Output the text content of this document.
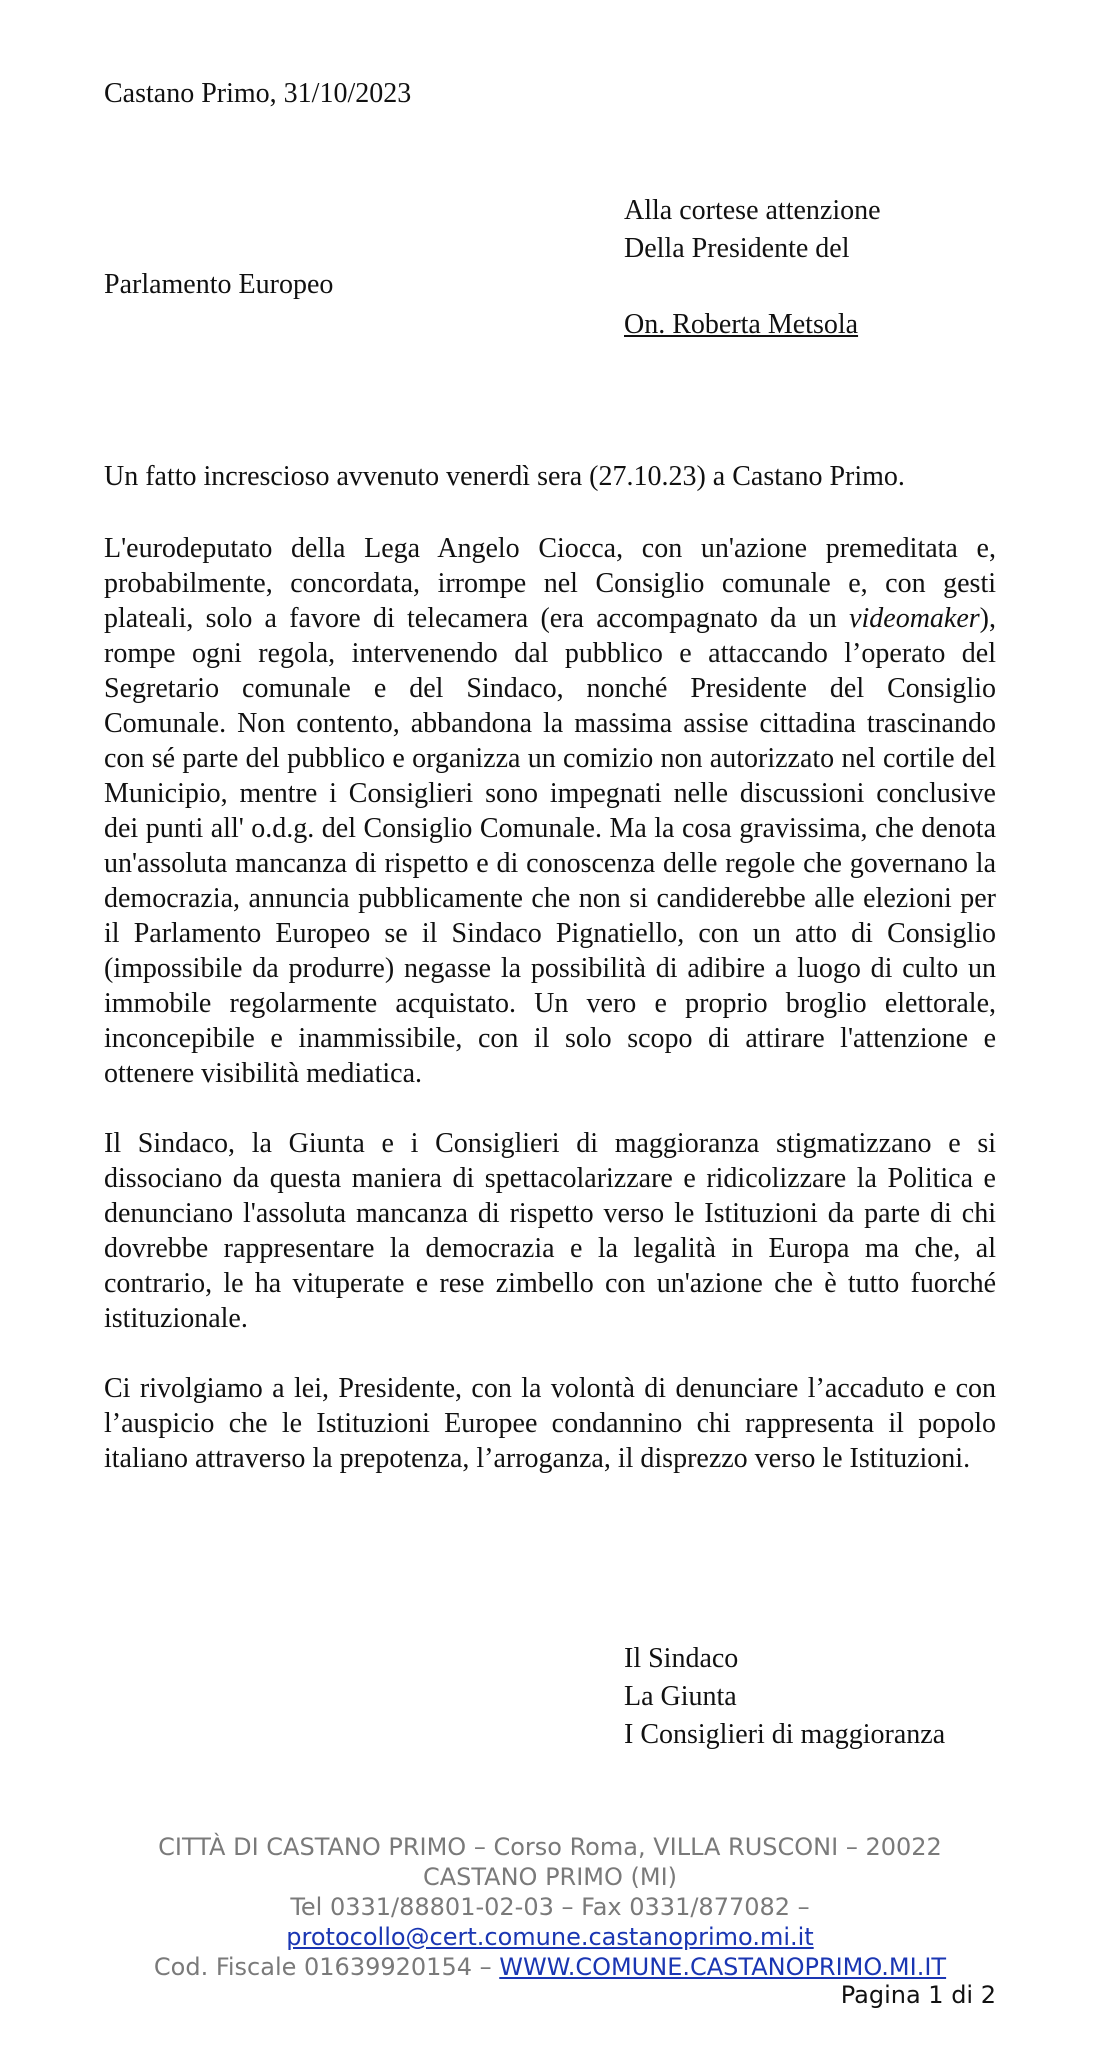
Castano Primo, 31/10/2023
Alla cortese attenzione
Della Presidente del
On. Roberta Metsola
Parlamento Europeo
Un fatto increscioso avvenuto venerdì sera (27.10.23) a Castano Primo.

L'eurodeputato della Lega Angelo Ciocca, con un'azione premeditata e, probabilmente, concordata, irrompe nel Consiglio comunale e, con gesti plateali, solo a favore di telecamera (era accompagnato da un videomaker), rompe ogni regola, intervenendo dal pubblico e attaccando l’operato del Segretario comunale e del Sindaco, nonché Presidente del Consiglio Comunale. Non contento, abbandona la massima assise cittadina trascinando con sé parte del pubblico e organizza un comizio non autorizzato nel cortile del Municipio, mentre i Consiglieri sono impegnati nelle discussioni conclusive dei punti all' o.d.g. del Consiglio Comunale. Ma la cosa gravissima, che denota un'assoluta mancanza di rispetto e di conoscenza delle regole che governano la democrazia, annuncia pubblicamente che non si candiderebbe alle elezioni per il Parlamento Europeo se il Sindaco Pignatiello, con un atto di Consiglio (impossibile da produrre) negasse la possibilità di adibire a luogo di culto un immobile regolarmente acquistato. Un vero e proprio broglio elettorale, inconcepibile e inammissibile, con il solo scopo di attirare l'attenzione e ottenere visibilità mediatica.

Il Sindaco, la Giunta e i Consiglieri di maggioranza stigmatizzano e si dissociano da questa maniera di spettacolarizzare e ridicolizzare la Politica e denunciano l'assoluta mancanza di rispetto verso le Istituzioni da parte di chi dovrebbe rappresentare la democrazia e la legalità in Europa ma che, al contrario, le ha vituperate e rese zimbello con un'azione che è tutto fuorché istituzionale.

Ci rivolgiamo a lei, Presidente, con la volontà di denunciare l’accaduto e con l’auspicio che le Istituzioni Europee condannino chi rappresenta il popolo italiano attraverso la prepotenza, l’arroganza, il disprezzo verso le Istituzioni.

Il Sindaco
La Giunta
I Consiglieri di maggioranza
CITTÀ DI CASTANO PRIMO – Corso Roma, VILLA RUSCONI – 20022
CASTANO PRIMO (MI)
Tel 0331/88801-02-03 – Fax 0331/877082 –
protocollo@cert.comune.castanoprimo.mi.it
Cod. Fiscale 01639920154 – WWW.COMUNE.CASTANOPRIMO.MI.IT
Pagina 1 di 2
